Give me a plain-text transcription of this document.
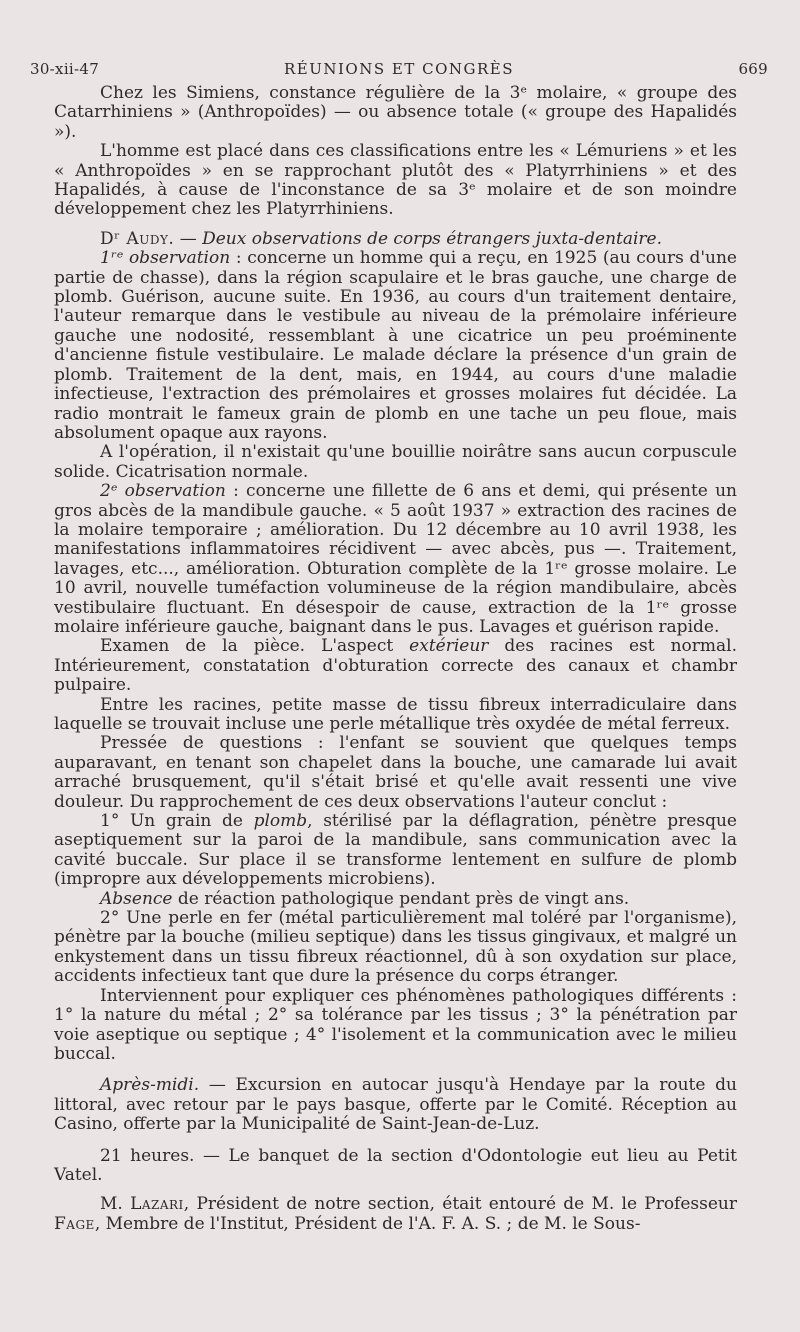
30-xii-47	RÉUNIONS ET CONGRÈS	669

Chez les Simiens, constance régulière de la 3ᵉ molaire, « groupe des Catarrhiniens » (Anthropoïdes) — ou absence totale (« groupe des Hapalidés »).

L'homme est placé dans ces classifications entre les « Lémuriens » et les « Anthropoïdes » en se rapprochant plutôt des « Platyrrhiniens » et des Hapalidés, à cause de l'inconstance de sa 3ᵉ molaire et de son moindre développement chez les Platyrrhiniens.

Dʳ Audy. — Deux observations de corps étrangers juxta-dentaire.

1ʳᵉ observation : concerne un homme qui a reçu, en 1925 (au cours d'une partie de chasse), dans la région scapulaire et le bras gauche, une charge de plomb. Guérison, aucune suite. En 1936, au cours d'un traitement dentaire, l'auteur remarque dans le vestibule au niveau de la prémolaire inférieure gauche une nodosité, ressemblant à une cicatrice un peu proéminente d'ancienne fistule vestibulaire. Le malade déclare la présence d'un grain de plomb. Traitement de la dent, mais, en 1944, au cours d'une maladie infectieuse, l'extraction des prémolaires et grosses molaires fut décidée. La radio montrait le fameux grain de plomb en une tache un peu floue, mais absolument opaque aux rayons.

A l'opération, il n'existait qu'une bouillie noirâtre sans aucun corpuscule solide. Cicatrisation normale.

2ᵉ observation : concerne une fillette de 6 ans et demi, qui présente un gros abcès de la mandibule gauche. « 5 août 1937 » extraction des racines de la molaire temporaire ; amélioration. Du 12 décembre au 10 avril 1938, les manifestations inflammatoires récidivent — avec abcès, pus —. Traitement, lavages, etc..., amélioration. Obturation complète de la 1ʳᵉ grosse molaire. Le 10 avril, nouvelle tuméfaction volumineuse de la région mandibulaire, abcès vestibulaire fluctuant. En désespoir de cause, extraction de la 1ʳᵉ grosse molaire inférieure gauche, baignant dans le pus. Lavages et guérison rapide.

Examen de la pièce. L'aspect extérieur des racines est normal. Intérieurement, constatation d'obturation correcte des canaux et chambr pulpaire.

Entre les racines, petite masse de tissu fibreux interradiculaire dans laquelle se trouvait incluse une perle métallique très oxydée de métal ferreux.

Pressée de questions : l'enfant se souvient que quelques temps auparavant, en tenant son chapelet dans la bouche, une camarade lui avait arraché brusquement, qu'il s'était brisé et qu'elle avait ressenti une vive douleur. Du rapprochement de ces deux observations l'auteur conclut :

1° Un grain de plomb, stérilisé par la déflagration, pénètre presque aseptiquement sur la paroi de la mandibule, sans communication avec la cavité buccale. Sur place il se transforme lentement en sulfure de plomb (impropre aux développements microbiens).

Absence de réaction pathologique pendant près de vingt ans.

2° Une perle en fer (métal particulièrement mal toléré par l'organisme), pénètre par la bouche (milieu septique) dans les tissus gingivaux, et malgré un enkystement dans un tissu fibreux réactionnel, dû à son oxydation sur place, accidents infectieux tant que dure la présence du corps étranger.

Interviennent pour expliquer ces phénomènes pathologiques différents : 1° la nature du métal ; 2° sa tolérance par les tissus ; 3° la pénétration par voie aseptique ou septique ; 4° l'isolement et la communication avec le milieu buccal.

Après-midi. — Excursion en autocar jusqu'à Hendaye par la route du littoral, avec retour par le pays basque, offerte par le Comité. Réception au Casino, offerte par la Municipalité de Saint-Jean-de-Luz.

21 heures. — Le banquet de la section d'Odontologie eut lieu au Petit Vatel.

M. Lazari, Président de notre section, était entouré de M. le Professeur Fage, Membre de l'Institut, Président de l'A. F. A. S. ; de M. le Sous-
